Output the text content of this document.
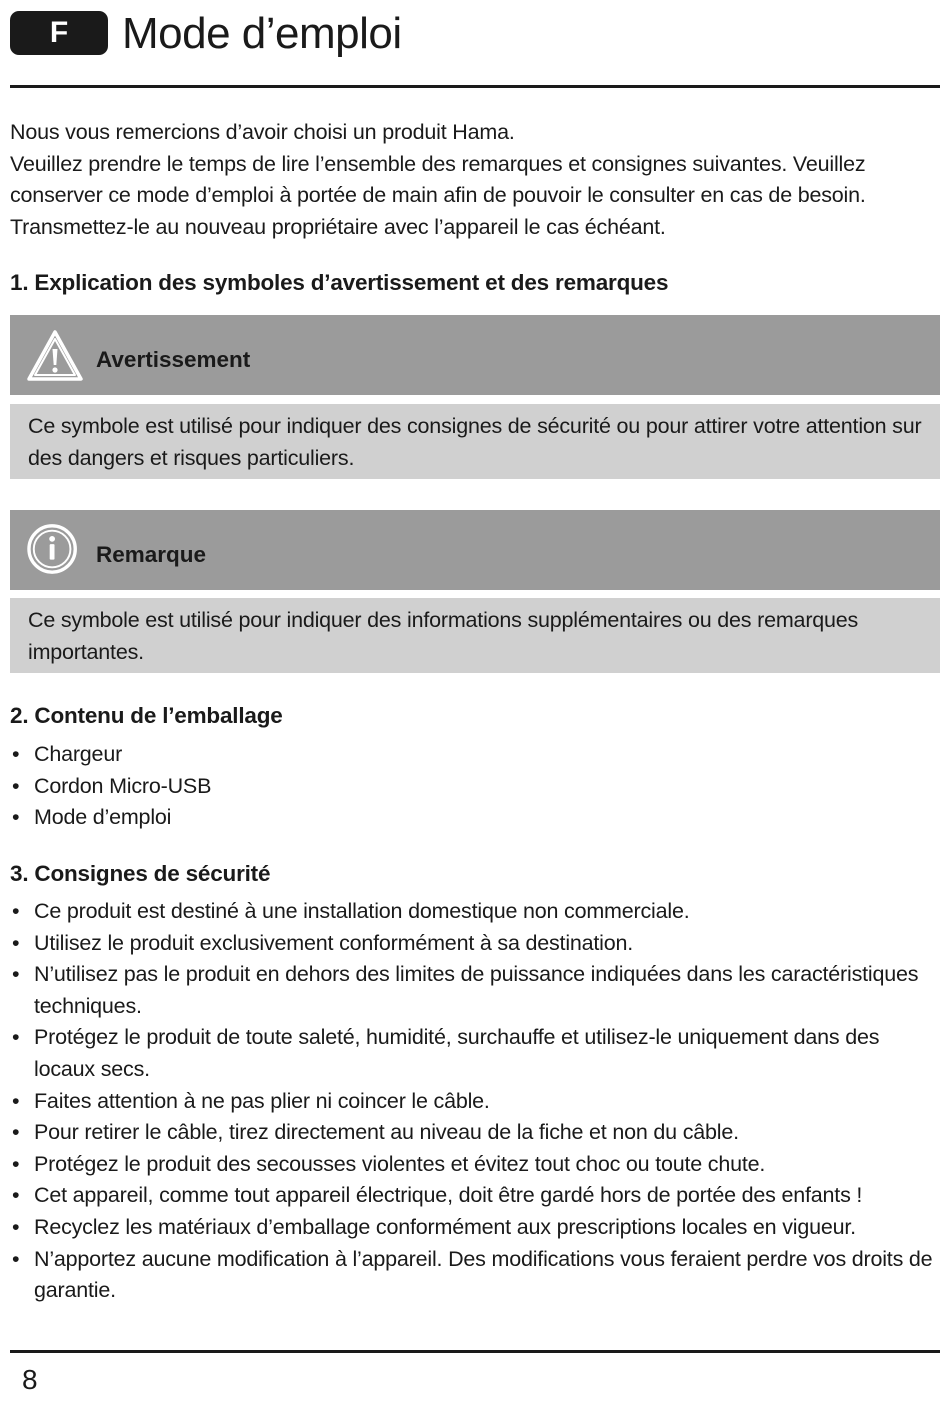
F Mode d’emploi

Nous vous remercions d’avoir choisi un produit Hama.

Veuillez prendre le temps de lire l’ensemble des remarques et consignes suivantes. Veuillez conserver ce mode d’emploi à portée de main afin de pouvoir le consulter en cas de besoin. Transmettez-le au nouveau propriétaire avec l’appareil le cas échéant.

1. Explication des symboles d’avertissement et des remarques
Avertissement
Ce symbole est utilisé pour indiquer des consignes de sécurité ou pour attirer votre attention sur des dangers et risques particuliers.
Remarque
Ce symbole est utilisé pour indiquer des informations supplémentaires ou des remarques importantes.
2. Contenu de l’emballage
• Chargeur
• Cordon Micro-USB
• Mode d’emploi
3. Consignes de sécurité
• Ce produit est destiné à une installation domestique non commerciale.
• Utilisez le produit exclusivement conformément à sa destination.
• N’utilisez pas le produit en dehors des limites de puissance indiquées dans les caractéristiques techniques.
• Protégez le produit de toute saleté, humidité, surchauffe et utilisez-le uniquement dans des locaux secs.
• Faites attention à ne pas plier ni coincer le câble.
• Pour retirer le câble, tirez directement au niveau de la fiche et non du câble.
• Protégez le produit des secousses violentes et évitez tout choc ou toute chute.
• Cet appareil, comme tout appareil électrique, doit être gardé hors de portée des enfants !
• Recyclez les matériaux d’emballage conformément aux prescriptions locales en vigueur.
• N’apportez aucune modification à l’appareil. Des modifications vous feraient perdre vos droits de garantie.
8
